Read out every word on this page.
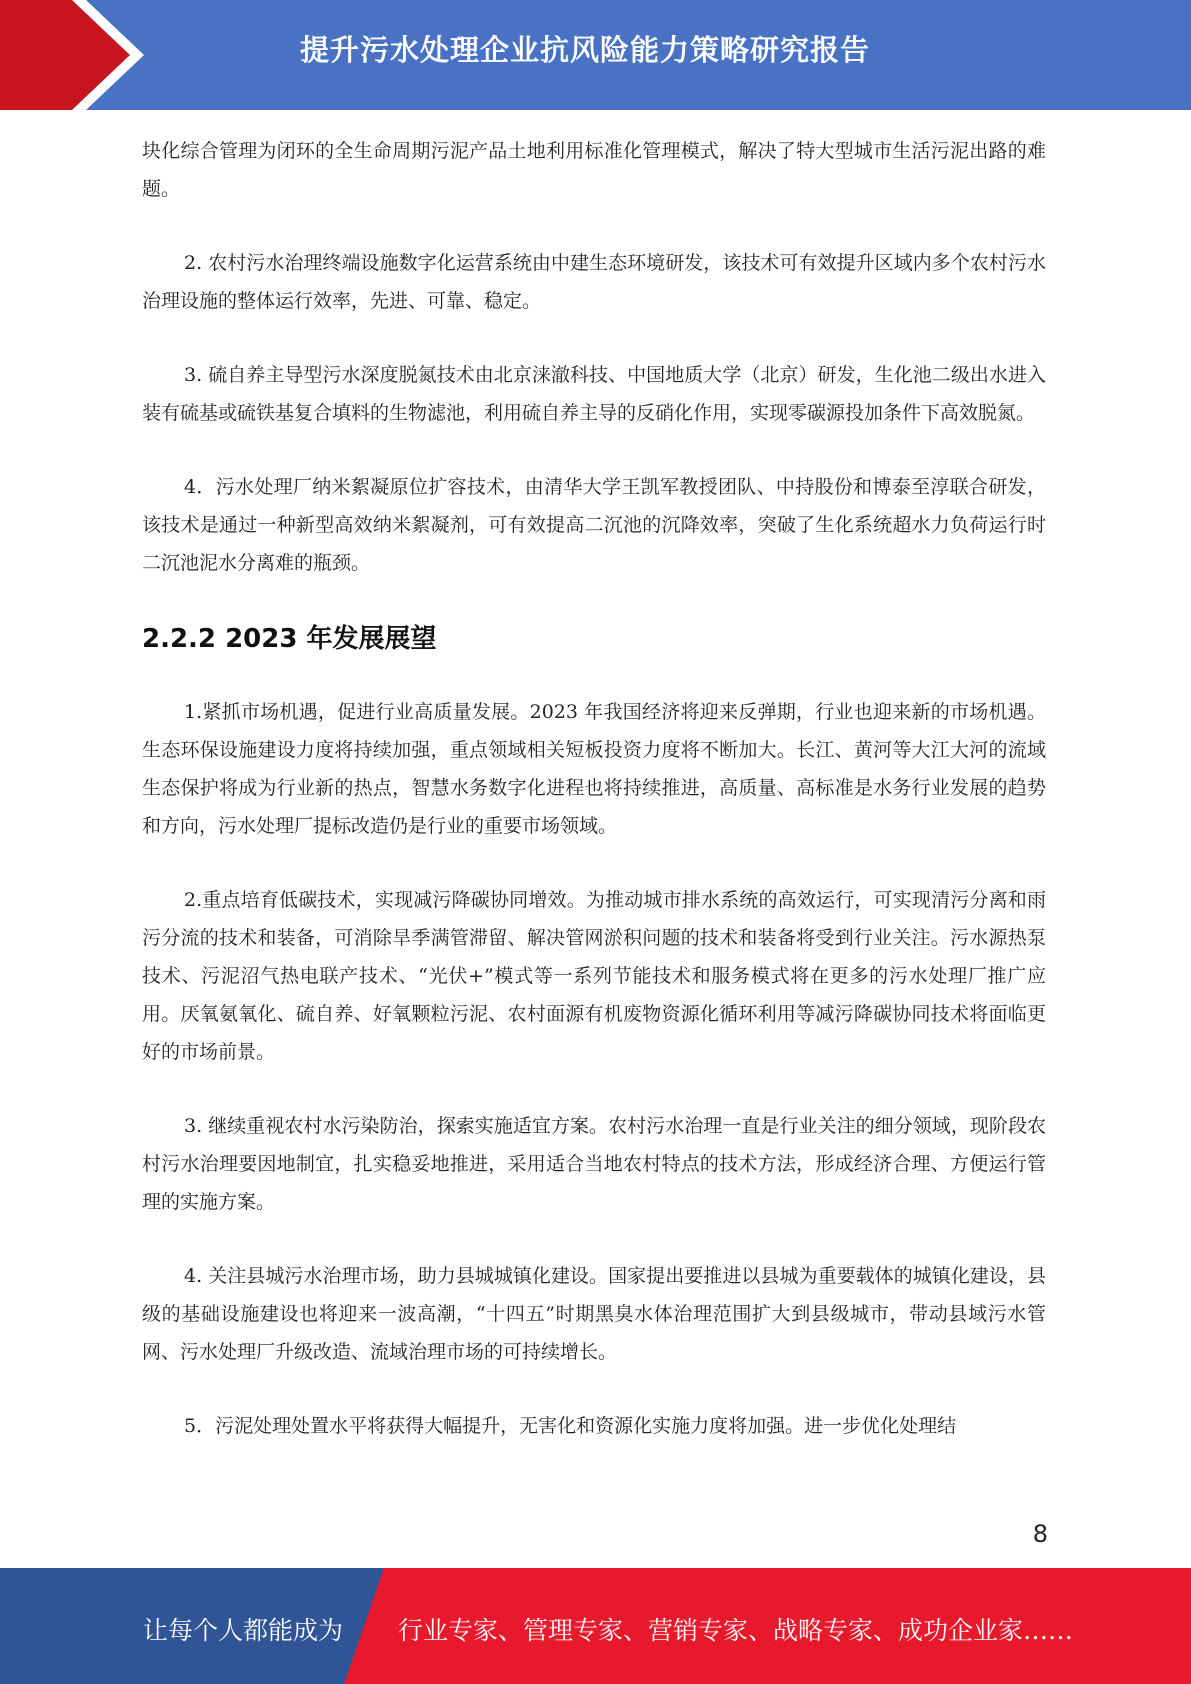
提升污水处理企业抗风险能力策略研究报告

块化综合管理为闭环的全生命周期污泥产品土地利用标准化管理模式，解决了特大型城市生活污泥出路的难题。

2. 农村污水治理终端设施数字化运营系统由中建生态环境研发，该技术可有效提升区域内多个农村污水治理设施的整体运行效率，先进、可靠、稳定。

3. 硫自养主导型污水深度脱氮技术由北京涞澈科技、中国地质大学（北京）研发，生化池二级出水进入装有硫基或硫铁基复合填料的生物滤池，利用硫自养主导的反硝化作用，实现零碳源投加条件下高效脱氮。

4．污水处理厂纳米絮凝原位扩容技术，由清华大学王凯军教授团队、中持股份和博泰至淳联合研发，该技术是通过一种新型高效纳米絮凝剂，可有效提高二沉池的沉降效率，突破了生化系统超水力负荷运行时二沉池泥水分离难的瓶颈。

2.2.2 2023 年发展展望

1.紧抓市场机遇，促进行业高质量发展。2023 年我国经济将迎来反弹期，行业也迎来新的市场机遇。生态环保设施建设力度将持续加强，重点领域相关短板投资力度将不断加大。长江、黄河等大江大河的流域生态保护将成为行业新的热点，智慧水务数字化进程也将持续推进，高质量、高标准是水务行业发展的趋势和方向，污水处理厂提标改造仍是行业的重要市场领域。

2.重点培育低碳技术，实现减污降碳协同增效。为推动城市排水系统的高效运行，可实现清污分离和雨污分流的技术和装备，可消除旱季满管滞留、解决管网淤积问题的技术和装备将受到行业关注。污水源热泵技术、污泥沼气热电联产技术、“光伏+”模式等一系列节能技术和服务模式将在更多的污水处理厂推广应用。厌氧氨氧化、硫自养、好氧颗粒污泥、农村面源有机废物资源化循环利用等减污降碳协同技术将面临更好的市场前景。

3. 继续重视农村水污染防治，探索实施适宜方案。农村污水治理一直是行业关注的细分领域，现阶段农村污水治理要因地制宜，扎实稳妥地推进，采用适合当地农村特点的技术方法，形成经济合理、方便运行管理的实施方案。

4. 关注县城污水治理市场，助力县城城镇化建设。国家提出要推进以县城为重要载体的城镇化建设，县级的基础设施建设也将迎来一波高潮，“十四五”时期黑臭水体治理范围扩大到县级城市，带动县域污水管网、污水处理厂升级改造、流域治理市场的可持续增长。

5．污泥处理处置水平将获得大幅提升，无害化和资源化实施力度将加强。进一步优化处理结

8
让每个人都能成为 行业专家、管理专家、营销专家、战略专家、成功企业家……
